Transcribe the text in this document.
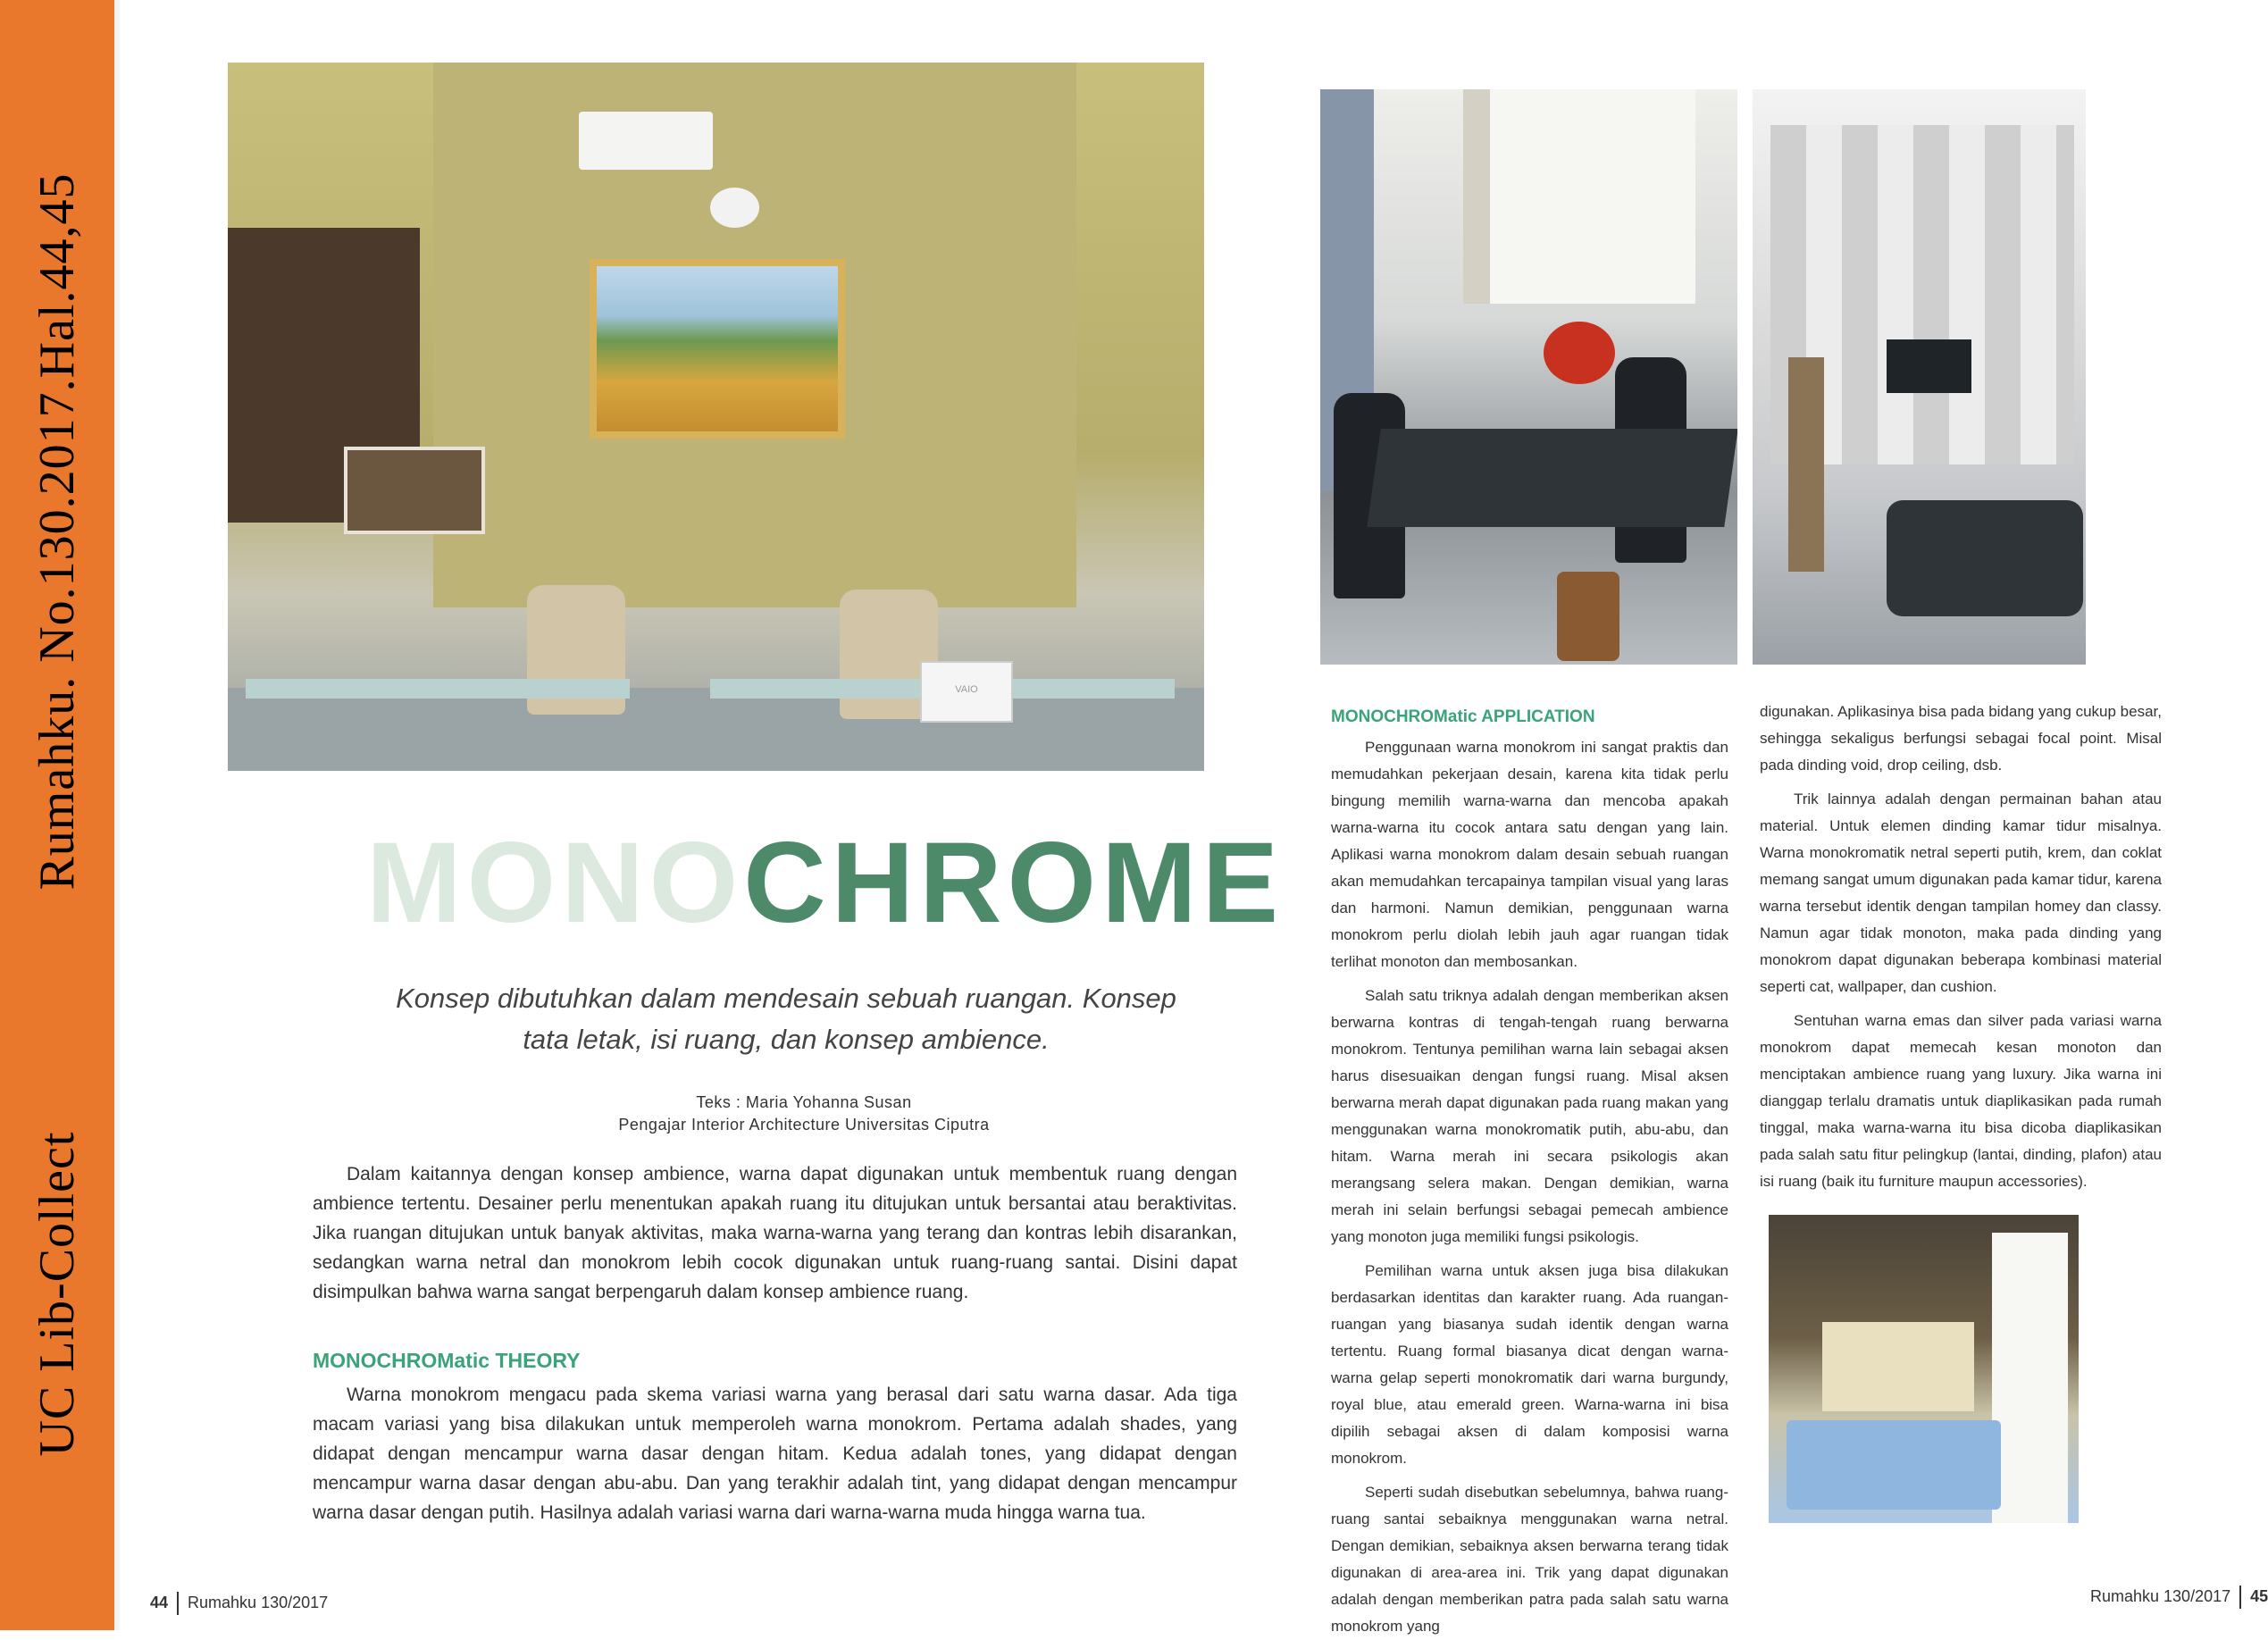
UC Lib-CollectRumahku. No.130.2017.Hal.44,45	VAIO
MONOCHROME
Konsep dibutuhkan dalam mendesain sebuah ruangan. Konsep tata letak, isi ruang, dan konsep ambience.
Teks : Maria Yohanna Susan
Pengajar Interior Architecture Universitas Ciputra

Dalam kaitannya dengan konsep ambience, warna dapat digunakan untuk membentuk ruang dengan ambience tertentu. Desainer perlu menentukan apakah ruang itu ditujukan untuk bersantai atau beraktivitas. Jika ruangan ditujukan untuk banyak aktivitas, maka warna-warna yang terang dan kontras lebih disarankan, sedangkan warna netral dan monokrom lebih cocok digunakan untuk ruang-ruang santai. Disini dapat disimpulkan bahwa warna sangat berpengaruh dalam konsep ambience ruang.

MONOCHROMatic THEORY

Warna monokrom mengacu pada skema variasi warna yang berasal dari satu warna dasar. Ada tiga macam variasi yang bisa dilakukan untuk memperoleh warna monokrom. Pertama adalah shades, yang didapat dengan mencampur warna dasar dengan hitam. Kedua adalah tones, yang didapat dengan mencampur warna dasar dengan abu-abu. Dan yang terakhir adalah tint, yang didapat dengan mencampur warna dasar dengan putih. Hasilnya adalah variasi warna dari warna-warna muda hingga warna tua.

MONOCHROMatic APPLICATION

Penggunaan warna monokrom ini sangat praktis dan memudahkan pekerjaan desain, karena kita tidak perlu bingung memilih warna-warna dan mencoba apakah warna-warna itu cocok antara satu dengan yang lain. Aplikasi warna monokrom dalam desain sebuah ruangan akan memudahkan tercapainya tampilan visual yang laras dan harmoni. Namun demikian, penggunaan warna monokrom perlu diolah lebih jauh agar ruangan tidak terlihat monoton dan membosankan.

Salah satu triknya adalah dengan memberikan aksen berwarna kontras di tengah-tengah ruang berwarna monokrom. Tentunya pemilihan warna lain sebagai aksen harus disesuaikan dengan fungsi ruang. Misal aksen berwarna merah dapat digunakan pada ruang makan yang menggunakan warna monokromatik putih, abu-abu, dan hitam. Warna merah ini secara psikologis akan merangsang selera makan. Dengan demikian, warna merah ini selain berfungsi sebagai pemecah ambience yang monoton juga memiliki fungsi psikologis.

Pemilihan warna untuk aksen juga bisa dilakukan berdasarkan identitas dan karakter ruang. Ada ruangan-ruangan yang biasanya sudah identik dengan warna tertentu. Ruang formal biasanya dicat dengan warna-warna gelap seperti monokromatik dari warna burgundy, royal blue, atau emerald green. Warna-warna ini bisa dipilih sebagai aksen di dalam komposisi warna monokrom.

Seperti sudah disebutkan sebelumnya, bahwa ruang-ruang santai sebaiknya menggunakan warna netral. Dengan demikian, sebaiknya aksen berwarna terang tidak digunakan di area-area ini. Trik yang dapat digunakan adalah dengan memberikan patra pada salah satu warna monokrom yang

digunakan. Aplikasinya bisa pada bidang yang cukup besar, sehingga sekaligus berfungsi sebagai focal point. Misal pada dinding void, drop ceiling, dsb.

Trik lainnya adalah dengan permainan bahan atau material. Untuk elemen dinding kamar tidur misalnya. Warna monokromatik netral seperti putih, krem, dan coklat memang sangat umum digunakan pada kamar tidur, karena warna tersebut identik dengan tampilan homey dan classy. Namun agar tidak monoton, maka pada dinding yang monokrom dapat digunakan beberapa kombinasi material seperti cat, wallpaper, dan cushion.

Sentuhan warna emas dan silver pada variasi warna monokrom dapat memecah kesan monoton dan menciptakan ambience ruang yang luxury. Jika warna ini dianggap terlalu dramatis untuk diaplikasikan pada rumah tinggal, maka warna-warna itu bisa dicoba diaplikasikan pada salah satu fitur pelingkup (lantai, dinding, plafon) atau isi ruang (baik itu furniture maupun accessories).

44 Rumahku 130/2017	Rumahku 130/2017 45
